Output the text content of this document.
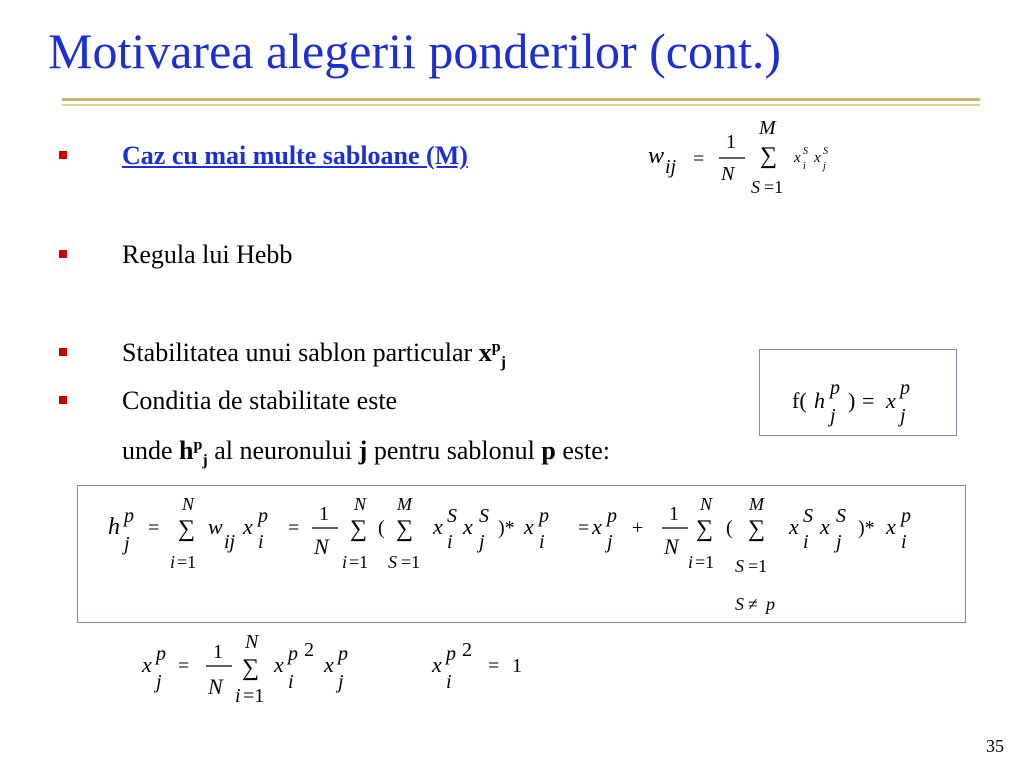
Motivarea alegerii ponderilor (cont.)
Caz cu mai multe sabloane (M)	w ij =
1
N
M
∑
S =1
x S
i
x S
j
Regula lui Hebb
Stabilitatea unui sablon particular $x^p_j$
Conditia de stabilitate este	f( h p
j
) = x p
j
unde $h^p_j$ al neuronului j pentru sablonul p este:
h p
j
=
N
∑
i =1
w
ij
x p
i
=
1
N
N
∑
i =1
(
M
∑
S =1
x S
i
x S
j
)* x p
i
= x p
j
+
1
N
N
∑
i =1
(
M
∑
S =1
S ≠ p
x S
i
x S
j
)* x p
i
x p
j
=
1
N
N
∑
i =1
x p 2
i
x p
j
x p 2
i
= 1
35
